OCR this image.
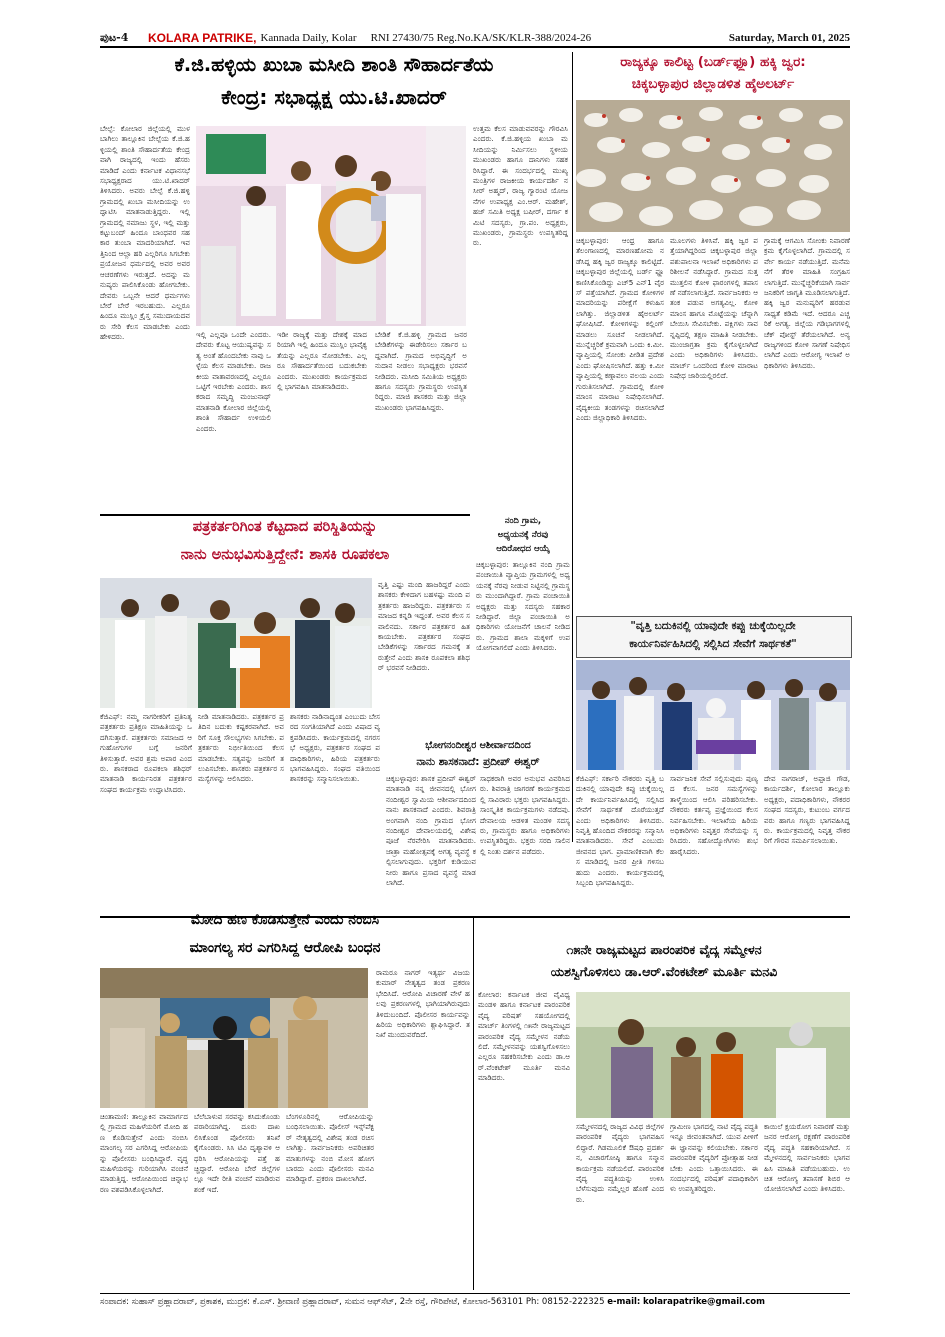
ಪುಟ-4	KOLARA PATRIKE, Kannada Daily, Kolar RNI 27430/75 Reg.No.KA/SK/KLR-388/2024-26	Saturday, March 01, 2025
ಕೆ.ಜಿ.ಹಳ್ಳಿಯ ಖುಬಾ ಮಸೀದಿ ಶಾಂತಿ ಸೌಹಾರ್ದತೆಯ
ಕೇಂದ್ರ: ಸಭಾಧ್ಯಕ್ಷ ಯು.ಟಿ.ಖಾದರ್
ಬೇಲ್ಪೆ: ಕೋಲಾರ ಜಿಲ್ಲೆಯಲ್ಲಿ ಮುಳಬಾಗಿಲು ತಾಲ್ಲೂಕಿನ ಬೇಲ್ಪೆಯ ಕೆ.ಜಿ.ಹಳ್ಳಿಯಲ್ಲಿ ಶಾಂತಿ ಸೌಹಾರ್ದತೆಯ ಕೇಂದ್ರವಾಗಿ ರಾಜ್ಯದಲ್ಲಿ ಇಂದು ಹೆಸರು ಮಾಡಿದೆ ಎಂದು ಕರ್ನಾಟಕ ವಿಧಾನಸಭೆ ಸಭಾಧ್ಯಕ್ಷರಾದ ಯು.ಟಿ.ಖಾದರ್ ತಿಳಿಸಿದರು. ಅವರು ಬೇಲ್ಪೆ ಕೆ.ಜಿ.ಹಳ್ಳಿ ಗ್ರಾಮದಲ್ಲಿ ಖುಬಾ ಮಸೀದಿಯನ್ನು ಉದ್ಘಾಟಿಸಿ ಮಾತನಾಡುತ್ತಿದ್ದರು. ಇಲ್ಲಿ ಗ್ರಾಮದಲ್ಲಿ ನಮಾಜು ಸ್ಥಳ, ಇಲ್ಲಿ ಮತ್ತು ಕಟ್ಟುಬಂದ್ ಹಿಂದೂ ಬಾಂಧವರ ಸಹಕಾರ ತುಂಬಾ ಮಾದರಿಯಾಗಿದೆ. ಇವತ್ತಿನಿಂದ ಆಲ್ಲಾ ಹರಿ ಎಲ್ಲರಿಗೂ ಸಿಗಬೇಕು ಪ್ರಯೋಜನ ಧರ್ಮದಲ್ಲಿ ಅವರ ಅವರ ಆಚರಣೆಗಳು ಇರುತ್ತದೆ. ಅದನ್ನು ಮನುಷ್ಯರು ಪಾಲಿಸಿಕೊಂಡು ಹೋಗಬೇಕು. ದೇವರು ಒಬ್ಬನೇ ಆದರೆ ಧರ್ಮಗಳು ಬೇರೆ ಬೇರೆ ಇರಬಹುದು. ಎಲ್ಲರೂ ಹಿಂದೂ ಮುಸ್ಲಿಂ ಕ್ರೈಸ್ತ ಸಮುದಾಯದವರು ಸೇರಿ ಕೆಲಸ ಮಾಡಬೇಕು ಎಂದು ಹೇಳಿದರು.	ಇಲ್ಲಿ ಎಲ್ಲವೂ ಒಂದೇ ಎಂದರು. ದೇವರು ಕೊಟ್ಟ ಆಯುಷ್ಯವನ್ನು ಸತ್ಯ ಅಂತೆ ಹೊಂದಬೇಕು ನಾವು ಒಳ್ಳೆಯ ಕೆಲಸ ಮಾಡಬೇಕು. ರಾಜಕೀಯ ವಾತಾವರಣದಲ್ಲಿ ಎಲ್ಲರೂ ಒಟ್ಟಿಗೆ ಇರಬೇಕು ಎಂದರು. ಶಾಸಕರಾದ ಸಮೃದ್ಧಿ ಮಂಜುನಾಥ್ ಮಾತನಾಡಿ ಕೋಲಾರ ಜಿಲ್ಲೆಯಲ್ಲಿ ಶಾಂತಿ ಸೌಹಾರ್ದ ಉಳಿಯಲಿ ಎಂದರು.
ಇಡೀ ರಾಜ್ಯಕ್ಕೆ ಮತ್ತು ದೇಶಕ್ಕೆ ಮಾದರಿಯಾಗಿ ಇಲ್ಲಿ ಹಿಂದೂ ಮುಸ್ಲಿಂ ಭಾವೈಕ್ಯತೆಯನ್ನು ಎಲ್ಲರೂ ನೋಡಬೇಕು. ಎಲ್ಲರೂ ಸೌಹಾರ್ದತೆಯಿಂದ ಬದುಕಬೇಕು ಎಂದರು. ಮುಖಂಡರು ಕಾರ್ಯಕ್ರಮದಲ್ಲಿ ಭಾಗವಹಿಸಿ ಮಾತನಾಡಿದರು.
ಬೇಡಿಕೆ ಕೆ.ಜಿ.ಹಳ್ಳಿ ಗ್ರಾಮದ ಜನರ ಬೇಡಿಕೆಗಳನ್ನು ಈಡೇರಿಸಲು ಸರ್ಕಾರ ಬದ್ದವಾಗಿದೆ. ಗ್ರಾಮದ ಅಭಿವೃದ್ಧಿಗೆ ಅನುದಾನ ನೀಡಲು ಸಭಾಧ್ಯಕ್ಷರು ಭರವಸೆ ನೀಡಿದರು. ಮಸೀದಿ ಸಮಿತಿಯ ಅಧ್ಯಕ್ಷರು ಹಾಗೂ ಸದಸ್ಯರು ಗ್ರಾಮಸ್ಥರು ಉಪಸ್ಥಿತರಿದ್ದರು. ಮಾಜಿ ಶಾಸಕರು ಮತ್ತು ಜಿಲ್ಲಾ ಮುಖಂಡರು ಭಾಗವಹಿಸಿದ್ದರು.
ಉತ್ತಮ ಕೆಲಸ ಮಾಡುವವರನ್ನು ಗೌರವಿಸಿ ಎಂದರು. ಕೆ.ಜಿ.ಹಳ್ಳಿಯ ಖುಬಾ ಮಸೀದಿಯನ್ನು ನಿರ್ಮಿಸಲು ಸ್ಥಳೀಯ ಮುಖಂಡರು ಹಾಗೂ ದಾನಿಗಳು ಸಹಕರಿಸಿದ್ದಾರೆ. ಈ ಸಂದರ್ಭದಲ್ಲಿ ಮುಖ್ಯಮಂತ್ರಿಗಳ ರಾಜಕೀಯ ಕಾರ್ಯದರ್ಶಿ ನಸೀರ್ ಅಹ್ಮದ್, ರಾಜ್ಯ ಗ್ಯಾರಂಟಿ ಯೋಜನೆಗಳ ಉಪಾಧ್ಯಕ್ಷ ಎಂ.ಆರ್. ಮಹೇಶ್, ಹಜ್ ಸಮಿತಿ ಅಧ್ಯಕ್ಷ ಬಷೀರ್, ದರ್ಗಾ ಕಮಿಟಿ ಸದಸ್ಯರು, ಗ್ರಾ.ಪಂ. ಅಧ್ಯಕ್ಷರು, ಮುಖಂಡರು, ಗ್ರಾಮಸ್ಥರು ಉಪಸ್ಥಿತರಿದ್ದರು.
ರಾಜ್ಯಕ್ಕೂ ಕಾಲಿಟ್ಟ (ಬರ್ಡ್‌ಫ್ಲೂ) ಹಕ್ಕಿ ಜ್ವರ:
ಚಿಕ್ಕಬಳ್ಳಾಪುರ ಜಿಲ್ಲಾಡಳಿತ ಹೈಅಲರ್ಟ್
ಚಿಕ್ಕಬಳ್ಳಾಪುರ: ಆಂಧ್ರ ಹಾಗೂ ತೆಲಂಗಾಣದಲ್ಲಿ ಮಾರಣಹೋಮ ನಡೆಸಿದ್ದ ಹಕ್ಕಿ ಜ್ವರ ರಾಜ್ಯಕ್ಕೂ ಕಾಲಿಟ್ಟಿದೆ. ಚಿಕ್ಕಬಳ್ಳಾಪುರ ಜಿಲ್ಲೆಯಲ್ಲಿ ಬರ್ಡ್ ಫ್ಲೂ ಕಾಣಿಸಿಕೊಂಡಿದ್ದು ಎಚ್5 ಎನ್1 ವೈರಸ್ ಪತ್ತೆಯಾಗಿದೆ. ಗ್ರಾಮದ ಕೋಳಿಗಳ ಮಾದರಿಯನ್ನು ಪರೀಕ್ಷೆಗೆ ಕಳುಹಿಸಲಾಗಿತ್ತು. ಜಿಲ್ಲಾಡಳಿತ ಹೈಅಲರ್ಟ್ ಘೋಷಿಸಿದೆ. ಕೋಳಿಗಳನ್ನು ಕಲ್ಲಿಂಗ್ ಮಾಡಲು ಸೂಚನೆ ನೀಡಲಾಗಿದೆ. ಮುನ್ನೆಚ್ಚರಿಕೆ ಕ್ರಮವಾಗಿ ಒಂದು ಕಿ.ಮೀ. ವ್ಯಾಪ್ತಿಯಲ್ಲಿ ಸೋಂಕು ಪೀಡಿತ ಪ್ರದೇಶ ಎಂದು ಘೋಷಿಸಲಾಗಿದೆ. ಹತ್ತು ಕಿ.ಮೀ ವ್ಯಾಪ್ತಿಯಲ್ಲಿ ಕಣ್ಗಾವಲು ವಲಯ ಎಂದು ಗುರುತಿಸಲಾಗಿದೆ. ಗ್ರಾಮದಲ್ಲಿ ಕೋಳಿ ಮಾಂಸ ಮಾರಾಟ ನಿಷೇಧಿಸಲಾಗಿದೆ. ವೈದ್ಯಕೀಯ ತಂಡಗಳನ್ನು ರಚಿಸಲಾಗಿದೆ ಎಂದು ಜಿಲ್ಲಾಧಿಕಾರಿ ತಿಳಿಸಿದರು.
ಮೂಲಗಳು ತಿಳಿಸಿವೆ. ಹಕ್ಕಿ ಜ್ವರ ಪತ್ತೆಯಾಗಿದ್ದರಿಂದ ಚಿಕ್ಕಬಳ್ಳಾಪುರ ಜಿಲ್ಲಾ ಪಶುಪಾಲನಾ ಇಲಾಖೆ ಅಧಿಕಾರಿಗಳು ಪರಿಶೀಲನೆ ನಡೆಸಿದ್ದಾರೆ. ಗ್ರಾಮದ ಸುತ್ತಮುತ್ತಲಿನ ಕೋಳಿ ಫಾರಂಗಳಲ್ಲಿ ತಪಾಸಣೆ ನಡೆಸಲಾಗುತ್ತಿದೆ. ಸಾರ್ವಜನಿಕರು ಆತಂಕ ಪಡುವ ಅಗತ್ಯವಿಲ್ಲ. ಕೋಳಿ ಮಾಂಸ ಹಾಗೂ ಮೊಟ್ಟೆಯನ್ನು ಚೆನ್ನಾಗಿ ಬೇಯಿಸಿ ಸೇವಿಸಬೇಕು. ಪಕ್ಷಿಗಳು ಸಾವನ್ನಪ್ಪಿದಲ್ಲಿ ತಕ್ಷಣ ಮಾಹಿತಿ ನೀಡಬೇಕು. ಮುಂಜಾಗ್ರತಾ ಕ್ರಮ ಕೈಗೊಳ್ಳಲಾಗಿದೆ ಎಂದು ಅಧಿಕಾರಿಗಳು ತಿಳಿಸಿದರು. ಮಾರ್ಚ್ ಒಂದರಿಂದ ಕೋಳಿ ಮಾರಾಟ ನಿಷೇಧ ಜಾರಿಯಲ್ಲಿರಲಿದೆ.
ಗ್ರಾಮಕ್ಕೆ ಆಗಮಿಸಿ ಸೋಂಕು ನಿವಾರಣೆ ಕ್ರಮ ಕೈಗೊಳ್ಳಲಾಗಿದೆ. ಗ್ರಾಮದಲ್ಲಿ ಸರ್ವೇ ಕಾರ್ಯ ನಡೆಯುತ್ತಿದೆ. ಮನೆಮನೆಗೆ ತೆರಳಿ ಮಾಹಿತಿ ಸಂಗ್ರಹಿಸಲಾಗುತ್ತಿದೆ. ಮುನ್ನೆಚ್ಚರಿಕೆಯಾಗಿ ಸಾರ್ವಜನಿಕರಿಗೆ ಜಾಗೃತಿ ಮೂಡಿಸಲಾಗುತ್ತಿದೆ. ಹಕ್ಕಿ ಜ್ವರ ಮನುಷ್ಯರಿಗೆ ಹರಡುವ ಸಾಧ್ಯತೆ ಕಡಿಮೆ ಇದೆ. ಆದರೂ ಎಚ್ಚರಿಕೆ ಅಗತ್ಯ. ಜಿಲ್ಲೆಯ ಗಡಿಭಾಗಗಳಲ್ಲಿ ಚೆಕ್ ಪೋಸ್ಟ್ ತೆರೆಯಲಾಗಿದೆ. ಅನ್ಯ ರಾಜ್ಯಗಳಿಂದ ಕೋಳಿ ಸಾಗಣೆ ನಿಷೇಧಿಸಲಾಗಿದೆ ಎಂದು ಆರೋಗ್ಯ ಇಲಾಖೆ ಅಧಿಕಾರಿಗಳು ತಿಳಿಸಿದರು.
ಪತ್ರಕರ್ತರಿಗಿಂತ ಕೆಟ್ಟದಾದ ಪರಿಸ್ಥಿತಿಯನ್ನು
ನಾನು ಅನುಭವಿಸುತ್ತಿದ್ದೇನೆ: ಶಾಸಕಿ ರೂಪಕಲಾ
ವೃತ್ತಿ ಎಷ್ಟು ಮಂದಿ ಹಾಜರಿದ್ದರೆ ಎಂದು ಶಾಸಕರು ಕೇಳಿದಾಗ ಬಹಳಷ್ಟು ಮಂದಿ ಪತ್ರಕರ್ತರು ಹಾಜರಿದ್ದರು. ಪತ್ರಕರ್ತರು ಸಮಾಜದ ಕನ್ನಡಿ ಇದ್ದಂತೆ. ಅವರ ಕೆಲಸ ಸವಾಲಿನದು. ಸರ್ಕಾರ ಪತ್ರಕರ್ತರ ಹಿತ ಕಾಯಬೇಕು. ಪತ್ರಕರ್ತರ ಸಂಘದ ಬೇಡಿಕೆಗಳನ್ನು ಸರ್ಕಾರದ ಗಮನಕ್ಕೆ ತರುತ್ತೇನೆ ಎಂದು ಶಾಸಕಿ ರೂಪಕಲಾ ಶಶಿಧರ್ ಭರವಸೆ ನೀಡಿದರು.
ಕೆಜಿಎಫ್: ನಮ್ಮ ನಾಗರೀಕರಿಗೆ ಪ್ರತಿನಿತ್ಯ ಪತ್ರಕರ್ತರು ಪ್ರತಿಕ್ಷಣ ಮಾಹಿತಿಯನ್ನು ಒದಗಿಸುತ್ತಾರೆ. ಪತ್ರಕರ್ತರು ಸಮಾಜದ ಆಗುಹೋಗುಗಳ ಬಗ್ಗೆ ಜನರಿಗೆ ತಿಳಿಸುತ್ತಾರೆ. ಅವರ ಶ್ರಮ ಅಪಾರ ಎಂದರು. ಶಾಸಕರಾದ ರೂಪಕಲಾ ಶಶಿಧರ್ ಮಾತನಾಡಿ ಕಾರ್ಯನಿರತ ಪತ್ರಕರ್ತರ ಸಂಘದ ಕಾರ್ಯಕ್ರಮ ಉದ್ಘಾಟಿಸಿದರು.
ನೀಡಿ ಮಾತನಾಡಿದರು. ಪತ್ರಕರ್ತರ ಪ್ರತಿದಿನ ಬದುಕು ಕಷ್ಟಕರವಾಗಿದೆ. ಅವರಿಗೆ ಸೂಕ್ತ ಸೌಲಭ್ಯಗಳು ಸಿಗಬೇಕು. ಪತ್ರಕರ್ತರು ನಿರ್ಭೀತಿಯಿಂದ ಕೆಲಸ ಮಾಡಬೇಕು. ಸತ್ಯವನ್ನು ಜನರಿಗೆ ತಲುಪಿಸಬೇಕು. ಶಾಸಕರು ಪತ್ರಕರ್ತರ ಸಮಸ್ಯೆಗಳನ್ನು ಆಲಿಸಿದರು.
ಶಾಸಕರು ನಾಡಿನಾದ್ಯಂತ ಎಂಬುದು ಬೇಸರದ ಸಂಗತಿಯಾಗಿದೆ ಎಂದು ವಿಷಾದ ವ್ಯಕ್ತಪಡಿಸಿದರು. ಕಾರ್ಯಕ್ರಮದಲ್ಲಿ ನಗರಸಭೆ ಅಧ್ಯಕ್ಷರು, ಪತ್ರಕರ್ತರ ಸಂಘದ ಪದಾಧಿಕಾರಿಗಳು, ಹಿರಿಯ ಪತ್ರಕರ್ತರು ಭಾಗವಹಿಸಿದ್ದರು. ಸಂಘದ ವತಿಯಿಂದ ಶಾಸಕರನ್ನು ಸನ್ಮಾನಿಸಲಾಯಿತು.
ನಂದಿ ಗ್ರಾಮ,
ಅಧ್ಯಯನಕ್ಕೆ ನೆರವು
ಆದಿರೋಧದ ಆಯ್ಕೆ
ಚಿಕ್ಕಬಳ್ಳಾಪುರ: ತಾಲ್ಲೂಕಿನ ನಂದಿ ಗ್ರಾಮ ಪಂಚಾಯಿತಿ ವ್ಯಾಪ್ತಿಯ ಗ್ರಾಮಗಳಲ್ಲಿ ಅಧ್ಯಯನಕ್ಕೆ ನೆರವು ನೀಡುವ ನಿಟ್ಟಿನಲ್ಲಿ ಗ್ರಾಮಸ್ಥರು ಮುಂದಾಗಿದ್ದಾರೆ. ಗ್ರಾಮ ಪಂಚಾಯಿತಿ ಅಧ್ಯಕ್ಷರು ಮತ್ತು ಸದಸ್ಯರು ಸಹಕಾರ ನೀಡಿದ್ದಾರೆ. ಜಿಲ್ಲಾ ಪಂಚಾಯಿತಿ ಅಧಿಕಾರಿಗಳು ಯೋಜನೆಗೆ ಚಾಲನೆ ನೀಡಿದರು. ಗ್ರಾಮದ ಶಾಲಾ ಮಕ್ಕಳಿಗೆ ಉಪಯೋಗವಾಗಲಿದೆ ಎಂದು ತಿಳಿಸಿದರು.
"ವೃತ್ತಿ ಬದುಕಿನಲ್ಲಿ ಯಾವುದೇ ಕಪ್ಪು ಚುಕ್ಕೆಯಿಲ್ಲದೇ
ಕಾರ್ಯನಿರ್ವಹಿಸಿದಲ್ಲಿ ಸಲ್ಲಿಸಿದ ಸೇವೆಗೆ ಸಾರ್ಥಕತೆ"
ಕೆಜಿಎಫ್: ಸರ್ಕಾರಿ ನೌಕರರು ವೃತ್ತಿ ಬದುಕಿನಲ್ಲಿ ಯಾವುದೇ ಕಪ್ಪು ಚುಕ್ಕೆಯಿಲ್ಲದೇ ಕಾರ್ಯನಿರ್ವಹಿಸಿದಲ್ಲಿ ಸಲ್ಲಿಸಿದ ಸೇವೆಗೆ ಸಾರ್ಥಕತೆ ದೊರೆಯುತ್ತದೆ ಎಂದು ಅಧಿಕಾರಿಗಳು ತಿಳಿಸಿದರು. ನಿವೃತ್ತಿ ಹೊಂದಿದ ನೌಕರರನ್ನು ಸನ್ಮಾನಿಸಿ ಮಾತನಾಡಿದರು. ಸೇವೆ ಎಂಬುದು ಜೀವನದ ಭಾಗ. ಪ್ರಾಮಾಣಿಕವಾಗಿ ಕೆಲಸ ಮಾಡಿದಲ್ಲಿ ಜನರ ಪ್ರೀತಿ ಗಳಿಸಬಹುದು ಎಂದರು. ಕಾರ್ಯಕ್ರಮದಲ್ಲಿ ಸಿಬ್ಬಂದಿ ಭಾಗವಹಿಸಿದ್ದರು.
ಸಾರ್ವಜನಿಕ ಸೇವೆ ಸಲ್ಲಿಸುವುದು ಪುಣ್ಯದ ಕೆಲಸ. ಜನರ ಸಮಸ್ಯೆಗಳನ್ನು ತಾಳ್ಮೆಯಿಂದ ಆಲಿಸಿ ಪರಿಹರಿಸಬೇಕು. ನೌಕರರು ಕರ್ತವ್ಯ ಪ್ರಜ್ಞೆಯಿಂದ ಕೆಲಸ ನಿರ್ವಹಿಸಬೇಕು. ಇಲಾಖೆಯ ಹಿರಿಯ ಅಧಿಕಾರಿಗಳು ನಿವೃತ್ತರ ಸೇವೆಯನ್ನು ಸ್ಮರಿಸಿದರು. ಸಹೋದ್ಯೋಗಿಗಳು ಶುಭ ಹಾರೈಸಿದರು.
ದೇವ ನಾಗರಾಜ್, ಅಪ್ಪಾಜಿ ಗೌಡ, ಕಾರ್ಯದರ್ಶಿ, ಕೋಲಾರ ತಾಲ್ಲೂಕು ಅಧ್ಯಕ್ಷರು, ಪದಾಧಿಕಾರಿಗಳು, ನೌಕರರ ಸಂಘದ ಸದಸ್ಯರು, ಕುಟುಂಬ ವರ್ಗದವರು ಹಾಗೂ ಗಣ್ಯರು ಭಾಗವಹಿಸಿದ್ದರು. ಕಾರ್ಯಕ್ರಮದಲ್ಲಿ ನಿವೃತ್ತ ನೌಕರರಿಗೆ ಗೌರವ ಸಮರ್ಪಿಸಲಾಯಿತು.
ಭೋಗನಂದೀಶ್ವರ ಆಶೀರ್ವಾದದಿಂದ
ನಾನು ಶಾಸಕನಾದೆ: ಪ್ರದೀಪ್ ಈಶ್ವರ್
ಚಿಕ್ಕಬಳ್ಳಾಪುರ: ಶಾಸಕ ಪ್ರದೀಪ್ ಈಶ್ವರ್ ಮಾತನಾಡಿ ನನ್ನ ಜೀವನದಲ್ಲಿ ಭೋಗನಂದೀಶ್ವರ ಸ್ವಾಮಿಯ ಆಶೀರ್ವಾದದಿಂದ ನಾನು ಶಾಸಕನಾದೆ ಎಂದರು. ಶಿವರಾತ್ರಿ ಅಂಗವಾಗಿ ನಂದಿ ಗ್ರಾಮದ ಭೋಗನಂದೀಶ್ವರ ದೇವಾಲಯದಲ್ಲಿ ವಿಶೇಷ ಪೂಜೆ ನೆರವೇರಿಸಿ ಮಾತನಾಡಿದರು. ಜಾತ್ರಾ ಮಹೋತ್ಸವಕ್ಕೆ ಅಗತ್ಯ ವ್ಯವಸ್ಥೆ ಕಲ್ಪಿಸಲಾಗುವುದು. ಭಕ್ತರಿಗೆ ಕುಡಿಯುವ ನೀರು ಹಾಗೂ ಪ್ರಸಾದ ವ್ಯವಸ್ಥೆ ಮಾಡಲಾಗಿದೆ.
ಸಾಧಕರಾಗಿ ಅವರ ಅನುಭವ ವಿವರಿಸಿದರು. ಶಿವರಾತ್ರಿ ಜಾಗರಣೆ ಕಾರ್ಯಕ್ರಮದಲ್ಲಿ ಸಾವಿರಾರು ಭಕ್ತರು ಭಾಗವಹಿಸಿದ್ದರು. ಸಾಂಸ್ಕೃತಿಕ ಕಾರ್ಯಕ್ರಮಗಳು ನಡೆದವು. ದೇವಾಲಯ ಆಡಳಿತ ಮಂಡಳಿ ಸದಸ್ಯರು, ಗ್ರಾಮಸ್ಥರು ಹಾಗೂ ಅಧಿಕಾರಿಗಳು ಉಪಸ್ಥಿತರಿದ್ದರು. ಭಕ್ತರು ಸರದಿ ಸಾಲಿನಲ್ಲಿ ನಿಂತು ದರ್ಶನ ಪಡೆದರು.
ಮೋದಿ ಹಣ ಕೊಡಿಸುತ್ತೇನೆ ಎಂದು ನಂಬಿಸಿ
ಮಾಂಗಲ್ಯ ಸರ ಎಗರಿಸಿದ್ದ ಆರೋಪಿ ಬಂಧನ
ಚಿಂತಾಮಣಿ: ತಾಲ್ಲೂಕಿನ ವಾಮಾರ್ಗದಲ್ಲಿ ಗ್ರಾಮದ ಮಹಿಳೆಯರಿಗೆ ಮೋದಿ ಹಣ ಕೊಡಿಸುತ್ತೇನೆ ಎಂದು ನಂಬಿಸಿ ಮಾಂಗಲ್ಯ ಸರ ಎಗರಿಸಿದ್ದ ಆರೋಪಿಯನ್ನು ಪೊಲೀಸರು ಬಂಧಿಸಿದ್ದಾರೆ. ವೃದ್ಧ ಮಹಿಳೆಯರನ್ನು ಗುರಿಯಾಗಿಸಿ ವಂಚನೆ ಮಾಡುತ್ತಿದ್ದ. ಆರೋಪಿಯಿಂದ ಚಿನ್ನಾಭರಣ ವಶಪಡಿಸಿಕೊಳ್ಳಲಾಗಿದೆ.
ಬೆಲೆಬಾಳುವ ಸರವನ್ನು ಕಸಿದುಕೊಂಡು ಪರಾರಿಯಾಗಿದ್ದ. ದೂರು ದಾಖಲಿಸಿಕೊಂಡ ಪೊಲೀಸರು ತನಿಖೆ ಕೈಗೊಂಡರು. ಸಿಸಿ ಟಿವಿ ದೃಶ್ಯಾವಳಿ ಆಧರಿಸಿ ಆರೋಪಿಯನ್ನು ಪತ್ತೆ ಹಚ್ಚಿದ್ದಾರೆ. ಆರೋಪಿ ಬೇರೆ ಜಿಲ್ಲೆಗಳಲ್ಲೂ ಇದೇ ರೀತಿ ವಂಚನೆ ಮಾಡಿರುವ ಶಂಕೆ ಇದೆ.
ಬೆಂಗಳೂರಿನಲ್ಲಿ ಆರೋಪಿಯನ್ನು ಬಂಧಿಸಲಾಯಿತು. ಪೊಲೀಸ್ ಇನ್ಸ್‌ಪೆಕ್ಟರ್ ನೇತೃತ್ವದಲ್ಲಿ ವಿಶೇಷ ತಂಡ ರಚಿಸಲಾಗಿತ್ತು. ಸಾರ್ವಜನಿಕರು ಅಪರಿಚಿತರ ಮಾತುಗಳನ್ನು ನಂಬಿ ಮೋಸ ಹೋಗಬಾರದು ಎಂದು ಪೊಲೀಸರು ಮನವಿ ಮಾಡಿದ್ದಾರೆ. ಪ್ರಕರಣ ದಾಖಲಾಗಿದೆ.
ರಾಮರೂ ನಾಗರ್ ಇತ್ಯರ್ಥ ವಿಜಯ ಕುಮಾರ್ ನೇತೃತ್ವದ ತಂಡ ಪ್ರಕರಣ ಭೇದಿಸಿದೆ. ಆರೋಪಿ ವಿಚಾರಣೆ ವೇಳೆ ಹಲವು ಪ್ರಕರಣಗಳಲ್ಲಿ ಭಾಗಿಯಾಗಿರುವುದು ತಿಳಿದುಬಂದಿದೆ. ಪೊಲೀಸರ ಕಾರ್ಯವನ್ನು ಹಿರಿಯ ಅಧಿಕಾರಿಗಳು ಶ್ಲಾಘಿಸಿದ್ದಾರೆ. ತನಿಖೆ ಮುಂದುವರೆದಿದೆ.
೧೫ನೇ ರಾಜ್ಯಮಟ್ಟದ ಪಾರಂಪರಿಕ ವೈದ್ಯ ಸಮ್ಮೇಳನ
ಯಶಸ್ವಿಗೊಳಿಸಲು ಡಾ.ಆರ್.ವೆಂಕಟೇಶ್ ಮೂರ್ತಿ ಮನವಿ
ಕೋಲಾರ: ಕರ್ನಾಟಕ ಜೀವ ವೈವಿಧ್ಯ ಮಂಡಳಿ ಹಾಗೂ ಕರ್ನಾಟಕ ಪಾರಂಪರಿಕ ವೈದ್ಯ ಪರಿಷತ್ ಸಹಯೋಗದಲ್ಲಿ ಮಾರ್ಚ್ ತಿಂಗಳಲ್ಲಿ ೧೫ನೇ ರಾಜ್ಯಮಟ್ಟದ ಪಾರಂಪರಿಕ ವೈದ್ಯ ಸಮ್ಮೇಳನ ನಡೆಯಲಿದೆ. ಸಮ್ಮೇಳನವನ್ನು ಯಶಸ್ವಿಗೊಳಿಸಲು ಎಲ್ಲರೂ ಸಹಕರಿಸಬೇಕು ಎಂದು ಡಾ.ಆರ್.ವೆಂಕಟೇಶ್ ಮೂರ್ತಿ ಮನವಿ ಮಾಡಿದರು.
ಸಮ್ಮೇಳನದಲ್ಲಿ ರಾಜ್ಯದ ವಿವಿಧ ಜಿಲ್ಲೆಗಳ ಪಾರಂಪರಿಕ ವೈದ್ಯರು ಭಾಗವಹಿಸಲಿದ್ದಾರೆ. ಗಿಡಮೂಲಿಕೆ ಔಷಧಿ ಪ್ರದರ್ಶನ, ವಿಚಾರಗೋಷ್ಠಿ ಹಾಗೂ ಸನ್ಮಾನ ಕಾರ್ಯಕ್ರಮ ನಡೆಯಲಿದೆ. ಪಾರಂಪರಿಕ ವೈದ್ಯ ಪದ್ಧತಿಯನ್ನು ಉಳಿಸಿ ಬೆಳೆಸುವುದು ನಮ್ಮೆಲ್ಲರ ಹೊಣೆ ಎಂದರು.
ಗ್ರಾಮೀಣ ಭಾಗದಲ್ಲಿ ನಾಟಿ ವೈದ್ಯ ಪದ್ಧತಿ ಇನ್ನೂ ಜೀವಂತವಾಗಿದೆ. ಯುವ ಪೀಳಿಗೆ ಈ ಜ್ಞಾನವನ್ನು ಕಲಿಯಬೇಕು. ಸರ್ಕಾರ ಪಾರಂಪರಿಕ ವೈದ್ಯರಿಗೆ ಪ್ರೋತ್ಸಾಹ ನೀಡಬೇಕು ಎಂದು ಒತ್ತಾಯಿಸಿದರು. ಈ ಸಂದರ್ಭದಲ್ಲಿ ಪರಿಷತ್ ಪದಾಧಿಕಾರಿಗಳು ಉಪಸ್ಥಿತರಿದ್ದರು.
ಕಾಯಿಲೆ ಕ್ಷಯರೋಗ ನಿವಾರಣೆ ಮತ್ತು ಜನರ ಆರೋಗ್ಯ ರಕ್ಷಣೆಗೆ ಪಾರಂಪರಿಕ ವೈದ್ಯ ಪದ್ಧತಿ ಸಹಕಾರಿಯಾಗಿದೆ. ಸಮ್ಮೇಳನದಲ್ಲಿ ಸಾರ್ವಜನಿಕರು ಭಾಗವಹಿಸಿ ಮಾಹಿತಿ ಪಡೆಯಬಹುದು. ಉಚಿತ ಆರೋಗ್ಯ ತಪಾಸಣೆ ಶಿಬಿರ ಆಯೋಜಿಸಲಾಗಿದೆ ಎಂದು ತಿಳಿಸಿದರು.
ಸಂಪಾದಕ: ಸುಹಾಸ್ ಪ್ರಹ್ಲಾದರಾವ್, ಪ್ರಕಾಶಕ, ಮುದ್ರಕ: ಕೆ.ಎಸ್. ಶ್ರೀವಾಣಿ ಪ್ರಹ್ಲಾದರಾವ್, ಸುಮನ ಆಫ್‌ಸೆಟ್, 2ನೇ ರಸ್ತೆ, ಗೌರಿಪೇಟೆ, ಕೋಲಾರ-563101 Ph: 08152-222325 e-mail: kolarapatrike@gmail.com
